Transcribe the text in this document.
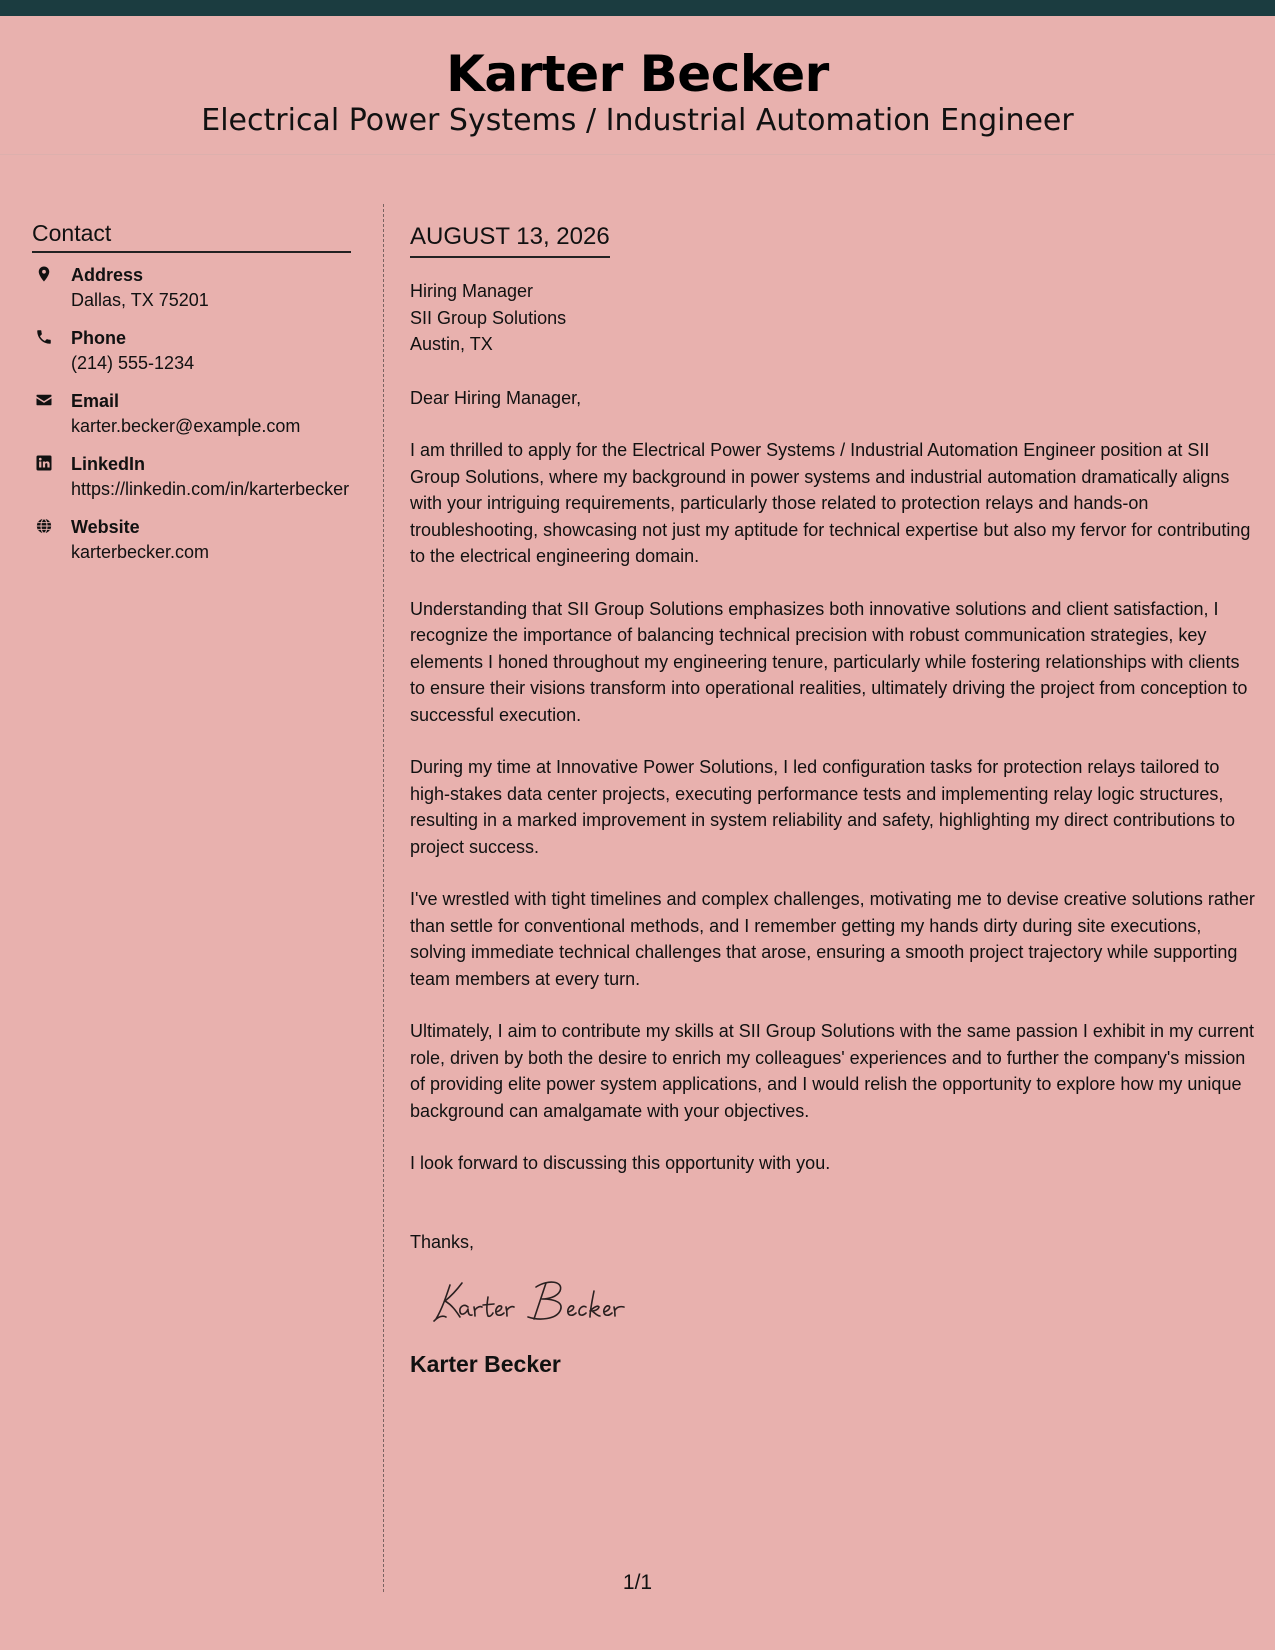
Karter Becker
Electrical Power Systems / Industrial Automation Engineer
Contact
Address
Dallas, TX 75201
Phone
(214) 555-1234
Email
karter.becker@example.com
LinkedIn
https://linkedin.com/in/karterbecker
Website
karterbecker.com
AUGUST 13, 2026
Hiring Manager
SII Group Solutions
Austin, TX
Dear Hiring Manager,
I am thrilled to apply for the Electrical Power Systems / Industrial Automation Engineer position at SII Group Solutions, where my background in power systems and industrial automation dramatically aligns with your intriguing requirements, particularly those related to protection relays and hands-on troubleshooting, showcasing not just my aptitude for technical expertise but also my fervor for contributing to the electrical engineering domain.
Understanding that SII Group Solutions emphasizes both innovative solutions and client satisfaction, I recognize the importance of balancing technical precision with robust communication strategies, key elements I honed throughout my engineering tenure, particularly while fostering relationships with clients to ensure their visions transform into operational realities, ultimately driving the project from conception to successful execution.
During my time at Innovative Power Solutions, I led configuration tasks for protection relays tailored to high-stakes data center projects, executing performance tests and implementing relay logic structures, resulting in a marked improvement in system reliability and safety, highlighting my direct contributions to project success.
I've wrestled with tight timelines and complex challenges, motivating me to devise creative solutions rather than settle for conventional methods, and I remember getting my hands dirty during site executions, solving immediate technical challenges that arose, ensuring a smooth project trajectory while supporting team members at every turn.
Ultimately, I aim to contribute my skills at SII Group Solutions with the same passion I exhibit in my current role, driven by both the desire to enrich my colleagues' experiences and to further the company's mission of providing elite power system applications, and I would relish the opportunity to explore how my unique background can amalgamate with your objectives.
I look forward to discussing this opportunity with you.
Thanks,
Karter Becker
1/1
